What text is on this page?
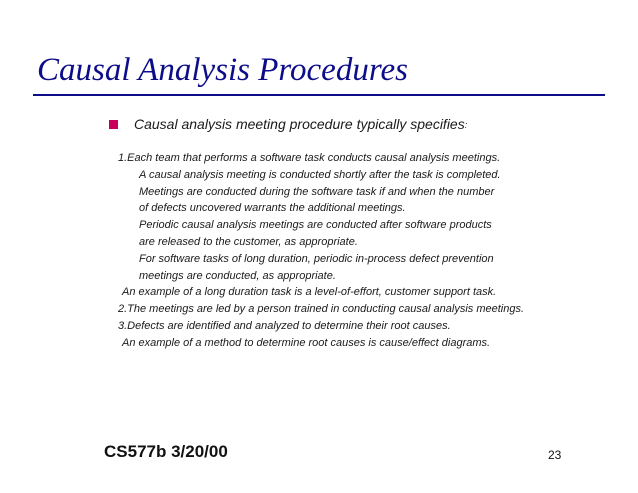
Causal Analysis Procedures
Causal analysis meeting procedure typically specifies:
1.Each team that performs a software task conducts causal analysis meetings.
A causal analysis meeting is conducted shortly after the task is completed.
Meetings are conducted during the software task if and when the number
of defects uncovered warrants the additional meetings.
Periodic causal analysis meetings are conducted after software products
are released to the customer, as appropriate.
For software tasks of long duration, periodic in-process defect prevention
meetings are conducted, as appropriate.
An example of a long duration task is a level-of-effort, customer support task.
2.The meetings are led by a person trained in conducting causal analysis meetings.
3.Defects are identified and analyzed to determine their root causes.
An example of a method to determine root causes is cause/effect diagrams.
CS577b 3/20/00	23
